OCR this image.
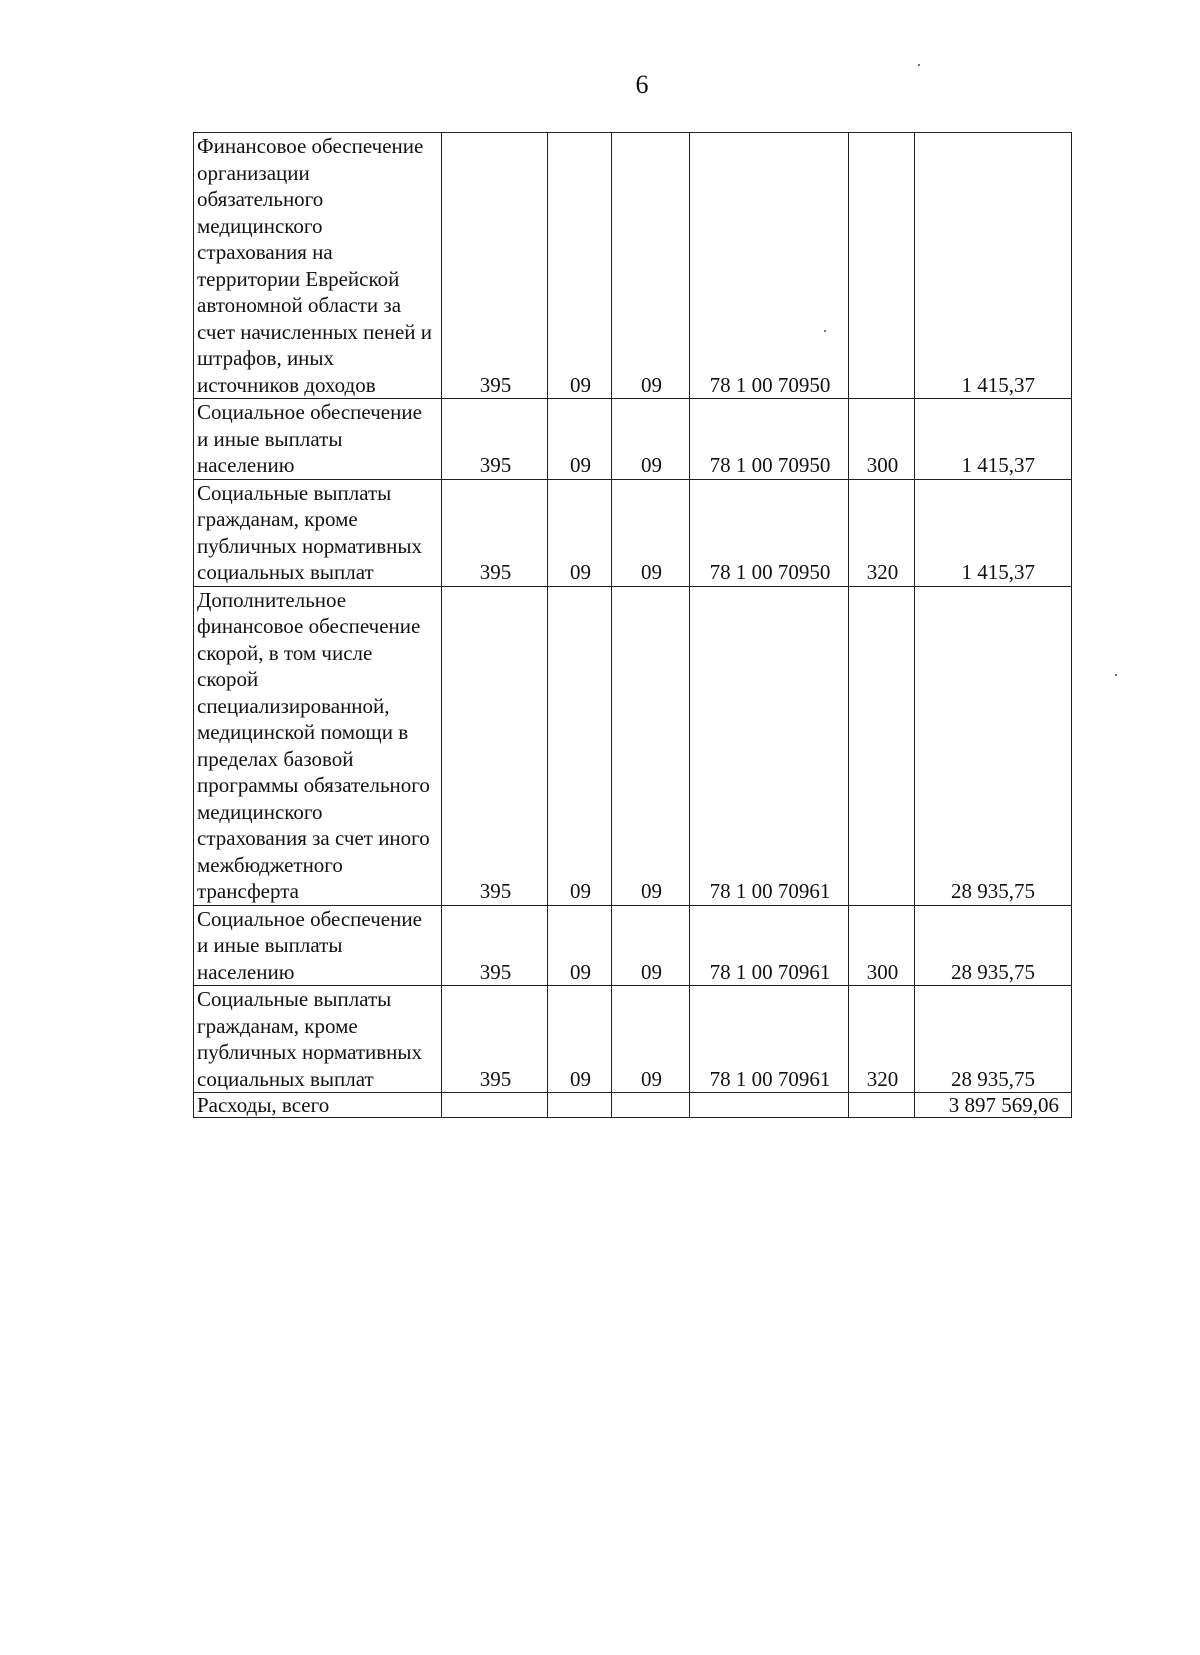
6
Финансовое обеспечение организации обязательного медицинского страхования на территории Еврейской автономной области за счет начисленных пеней и штрафов, иных источников доходов	395	09	09	78 1 00 70950		1 415,37
Социальное обеспечение и иные выплаты населению	395	09	09	78 1 00 70950	300	1 415,37
Социальные выплаты гражданам, кроме публичных нормативных социальных выплат	395	09	09	78 1 00 70950	320	1 415,37
Дополнительное финансовое обеспечение скорой, в том числе скорой специализированной, медицинской помощи в пределах базовой программы обязательного медицинского страхования за счет иного межбюджетного трансферта	395	09	09	78 1 00 70961		28 935,75
Социальное обеспечение и иные выплаты населению	395	09	09	78 1 00 70961	300	28 935,75
Социальные выплаты гражданам, кроме публичных нормативных социальных выплат	395	09	09	78 1 00 70961	320	28 935,75
Расходы, всего						3 897 569,06
